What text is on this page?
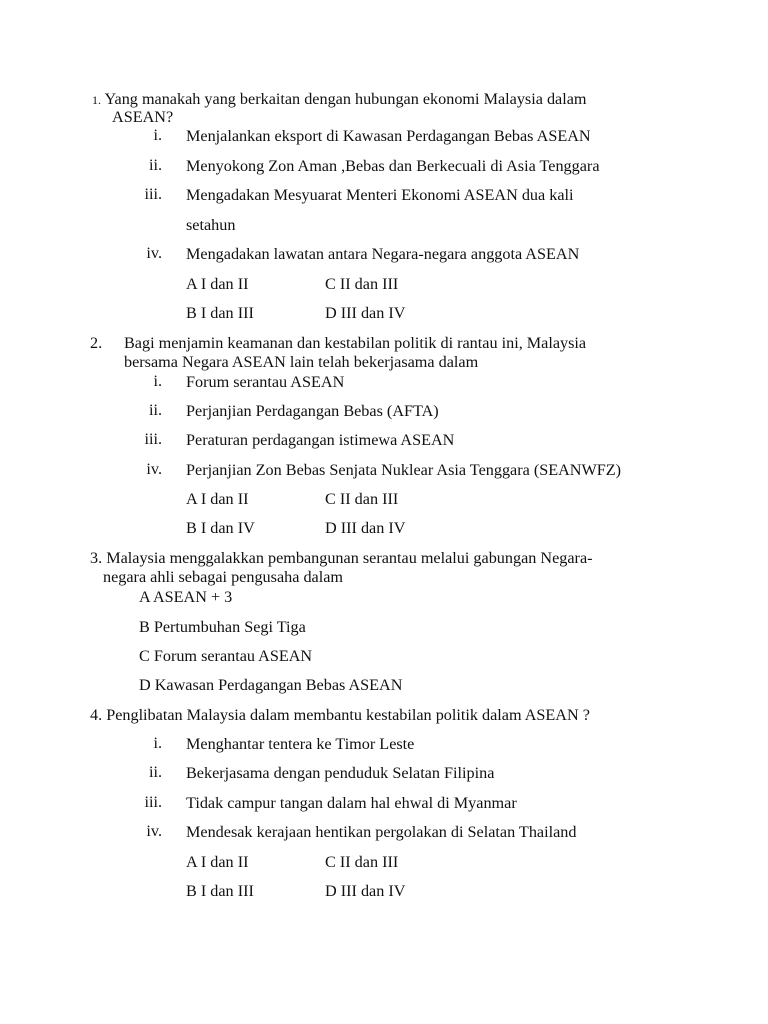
1. Yang manakah yang berkaitan dengan hubungan ekonomi Malaysia dalam
ASEAN?
i. Menjalankan eksport di Kawasan Perdagangan Bebas ASEAN
ii. Menyokong Zon Aman ,Bebas dan Berkecuali di Asia Tenggara
iii. Mengadakan Mesyuarat Menteri Ekonomi ASEAN dua kali
setahun
iv. Mengadakan lawatan antara Negara-negara anggota ASEAN
A I dan II	C II dan III
B I dan III	D III dan IV
2. Bagi menjamin keamanan dan kestabilan politik di rantau ini, Malaysia
bersama Negara ASEAN lain telah bekerjasama dalam
i. Forum serantau ASEAN
ii. Perjanjian Perdagangan Bebas (AFTA)
iii. Peraturan perdagangan istimewa ASEAN
iv. Perjanjian Zon Bebas Senjata Nuklear Asia Tenggara (SEANWFZ)
A I dan II	C II dan III
B I dan IV	D III dan IV
3. Malaysia menggalakkan pembangunan serantau melalui gabungan Negara-
negara ahli sebagai pengusaha dalam
A ASEAN + 3
B Pertumbuhan Segi Tiga
C Forum serantau ASEAN
D Kawasan Perdagangan Bebas ASEAN
4. Penglibatan Malaysia dalam membantu kestabilan politik dalam ASEAN ?
i. Menghantar tentera ke Timor Leste
ii. Bekerjasama dengan penduduk Selatan Filipina
iii. Tidak campur tangan dalam hal ehwal di Myanmar
iv. Mendesak kerajaan hentikan pergolakan di Selatan Thailand
A I dan II	C II dan III
B I dan III	D III dan IV
